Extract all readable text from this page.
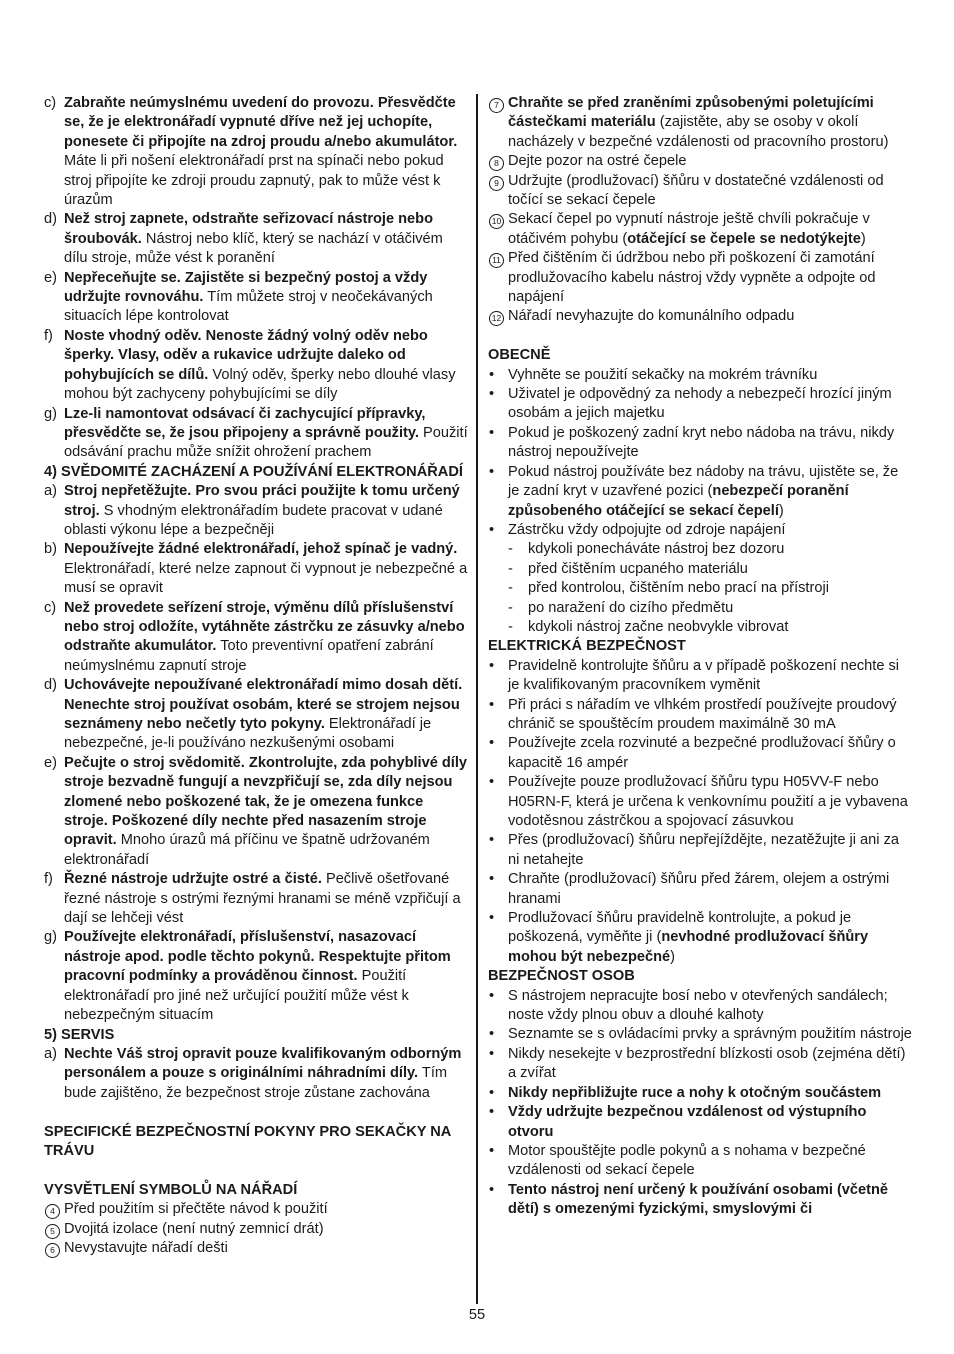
c) Zabraňte neúmyslnému uvedení do provozu. Přesvědčte se, že je elektronářadí vypnuté dříve než jej uchopíte, ponesete či připojíte na zdroj proudu a/nebo akumulátor. Máte li při nošení elektronářadí prst na spínači nebo pokud stroj připojíte ke zdroji proudu zapnutý, pak to může vést k úrazům
d) Než stroj zapnete, odstraňte seřizovací nástroje nebo šroubovák. Nástroj nebo klíč, který se nachází v otáčivém dílu stroje, může vést k poranění
e) Nepřeceňujte se. Zajistěte si bezpečný postoj a vždy udržujte rovnováhu. Tím můžete stroj v neočekávaných situacích lépe kontrolovat
f) Noste vhodný oděv. Nenoste žádný volný oděv nebo šperky. Vlasy, oděv a rukavice udržujte daleko od pohybujících se dílů. Volný oděv, šperky nebo dlouhé vlasy mohou být zachyceny pohybujícími se díly
g) Lze-li namontovat odsávací či zachycující přípravky, přesvědčte se, že jsou připojeny a správně použity. Použití odsávání prachu může snížit ohrožení prachem
4) SVĚDOMITÉ ZACHÁZENÍ A POUŽÍVÁNÍ ELEKTRONÁŘADÍ
a) Stroj nepřetěžujte. Pro svou práci použijte k tomu určený stroj. S vhodným elektronářadím budete pracovat v udané oblasti výkonu lépe a bezpečněji
b) Nepoužívejte žádné elektronářadí, jehož spínač je vadný. Elektronářadí, které nelze zapnout či vypnout je nebezpečné a musí se opravit
c) Než provedete seřízení stroje, výměnu dílů příslušenství nebo stroj odložíte, vytáhněte zástrčku ze zásuvky a/nebo odstraňte akumulátor. Toto preventivní opatření zabrání neúmyslnému zapnutí stroje
d) Uchovávejte nepoužívané elektronářadí mimo dosah dětí. Nenechte stroj používat osobám, které se strojem nejsou seznámeny nebo nečetly tyto pokyny. Elektronářadí je nebezpečné, je-li používáno nezkušenými osobami
e) Pečujte o stroj svědomitě. Zkontrolujte, zda pohyblivé díly stroje bezvadně fungují a nevzpřičují se, zda díly nejsou zlomené nebo poškozené tak, že je omezena funkce stroje. Poškozené díly nechte před nasazením stroje opravit. Mnoho úrazů má příčinu ve špatně udržovaném elektronářadí
f) Řezné nástroje udržujte ostré a čisté. Pečlivě ošetřované řezné nástroje s ostrými řeznými hranami se méně vzpřičují a dají se lehčeji vést
g) Používejte elektronářadí, příslušenství, nasazovací nástroje apod. podle těchto pokynů. Respektujte přitom pracovní podmínky a prováděnou činnost. Použití elektronářadí pro jiné než určující použití může vést k nebezpečným situacím
5) SERVIS
a) Nechte Váš stroj opravit pouze kvalifikovaným odborným personálem a pouze s originálními náhradními díly. Tím bude zajištěno, že bezpečnost stroje zůstane zachována
SPECIFICKÉ BEZPEČNOSTNÍ POKYNY PRO SEKAČKY NA TRÁVU
VYSVĚTLENÍ SYMBOLŮ NA NÁŘADÍ
4 Před použitím si přečtěte návod k použití
5 Dvojitá izolace (není nutný zemnicí drát)
6 Nevystavujte nářadí dešti
7 Chraňte se před zraněními způsobenými poletujícími částečkami materiálu (zajistěte, aby se osoby v okolí nacházely v bezpečné vzdálenosti od pracovního prostoru)
8 Dejte pozor na ostré čepele
9 Udržujte (prodlužovací) šňůru v dostatečné vzdálenosti od točící se sekací čepele
10 Sekací čepel po vypnutí nástroje ještě chvíli pokračuje v otáčivém pohybu (otáčející se čepele se nedotýkejte)
11 Před čištěním či údržbou nebo při poškození či zamotání prodlužovacího kabelu nástroj vždy vypněte a odpojte od napájení
12 Nářadí nevyhazujte do komunálního odpadu
OBECNĚ
• Vyhněte se použití sekačky na mokrém trávníku
• Uživatel je odpovědný za nehody a nebezpečí hrozící jiným osobám a jejich majetku
• Pokud je poškozený zadní kryt nebo nádoba na trávu, nikdy nástroj nepoužívejte
• Pokud nástroj používáte bez nádoby na trávu, ujistěte se, že je zadní kryt v uzavřené pozici (nebezpečí poranění způsobeného otáčející se sekací čepelí)
• Zástrčku vždy odpojujte od zdroje napájení
- kdykoli ponecháváte nástroj bez dozoru
- před čištěním ucpaného materiálu
- před kontrolou, čištěním nebo prací na přístroji
- po naražení do cizího předmětu
- kdykoli nástroj začne neobvykle vibrovat
ELEKTRICKÁ BEZPEČNOST
• Pravidelně kontrolujte šňůru a v případě poškození nechte si je kvalifikovaným pracovníkem vyměnit
• Při práci s nářadím ve vlhkém prostředí používejte proudový chránič se spouštěcím proudem maximálně 30 mA
• Používejte zcela rozvinuté a bezpečné prodlužovací šňůry o kapacitě 16 ampér
• Používejte pouze prodlužovací šňůru typu H05VV-F nebo H05RN-F, která je určena k venkovnímu použití a je vybavena vodotěsnou zástrčkou a spojovací zásuvkou
• Přes (prodlužovací) šňůru nepřejíždějte, nezatěžujte ji ani za ni netahejte
• Chraňte (prodlužovací) šňůru před žárem, olejem a ostrými hranami
• Prodlužovací šňůru pravidelně kontrolujte, a pokud je poškozená, vyměňte ji (nevhodné prodlužovací šňůry mohou být nebezpečné)
BEZPEČNOST OSOB
• S nástrojem nepracujte bosí nebo v otevřených sandálech; noste vždy plnou obuv a dlouhé kalhoty
• Seznamte se s ovládacími prvky a správným použitím nástroje
• Nikdy nesekejte v bezprostřední blízkosti osob (zejména dětí) a zvířat
• Nikdy nepřibližujte ruce a nohy k otočným součástem
• Vždy udržujte bezpečnou vzdálenost od výstupního otvoru
• Motor spouštějte podle pokynů a s nohama v bezpečné vzdálenosti od sekací čepele
• Tento nástroj není určený k používání osobami (včetně dětí) s omezenými fyzickými, smyslovými či
55
